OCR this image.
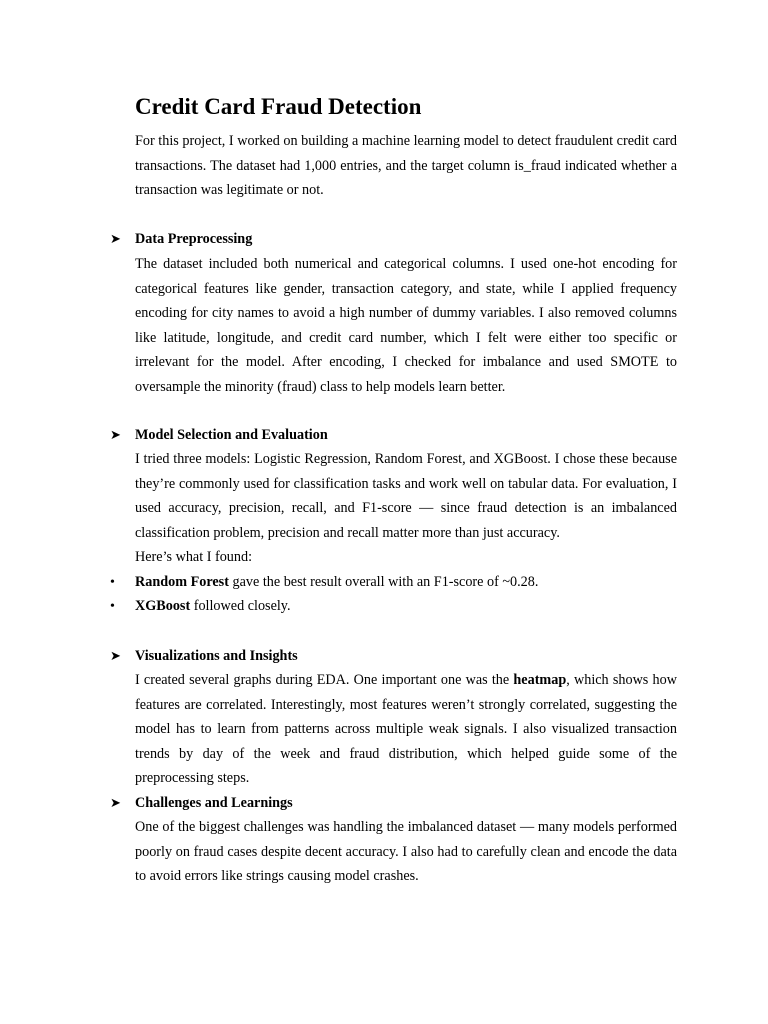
Credit Card Fraud Detection

For this project, I worked on building a machine learning model to detect fraudulent credit card transactions. The dataset had 1,000 entries, and the target column is_fraud indicated whether a transaction was legitimate or not.

➤ Data Preprocessing

The dataset included both numerical and categorical columns. I used one-hot encoding for categorical features like gender, transaction category, and state, while I applied frequency encoding for city names to avoid a high number of dummy variables. I also removed columns like latitude, longitude, and credit card number, which I felt were either too specific or irrelevant for the model. After encoding, I checked for imbalance and used SMOTE to oversample the minority (fraud) class to help models learn better.

➤ Model Selection and Evaluation

I tried three models: Logistic Regression, Random Forest, and XGBoost. I chose these because they’re commonly used for classification tasks and work well on tabular data. For evaluation, I used accuracy, precision, recall, and F1-score — since fraud detection is an imbalanced classification problem, precision and recall matter more than just accuracy.

Here’s what I found:

• Random Forest gave the best result overall with an F1-score of ~0.28.
• XGBoost followed closely.
➤ Visualizations and Insights

I created several graphs during EDA. One important one was the heatmap, which shows how features are correlated. Interestingly, most features weren’t strongly correlated, suggesting the model has to learn from patterns across multiple weak signals. I also visualized transaction trends by day of the week and fraud distribution, which helped guide some of the preprocessing steps.

➤ Challenges and Learnings

One of the biggest challenges was handling the imbalanced dataset — many models performed poorly on fraud cases despite decent accuracy. I also had to carefully clean and encode the data to avoid errors like strings causing model crashes.
